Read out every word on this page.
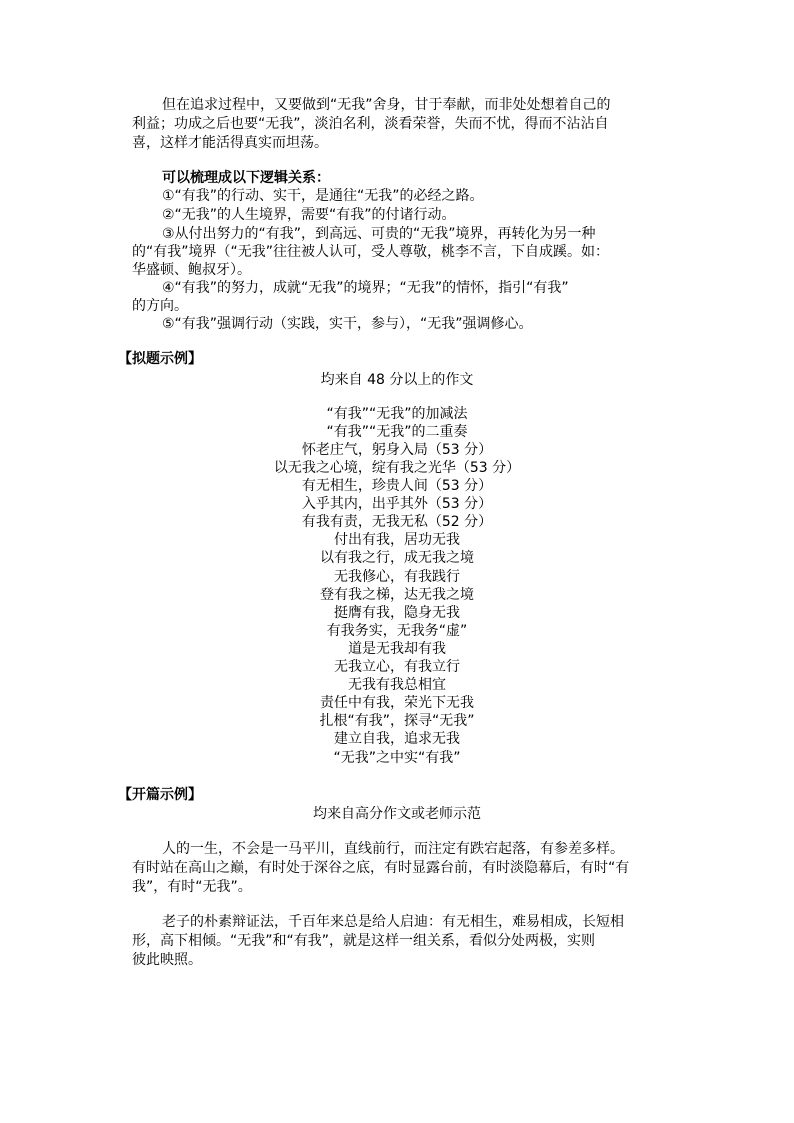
但在追求过程中，又要做到“无我”舍身，甘于奉献，而非处处想着自己的
利益；功成之后也要“无我”，淡泊名利，淡看荣誉，失而不忧，得而不沾沾自
喜，这样才能活得真实而坦荡。
可以梳理成以下逻辑关系：
①“有我”的行动、实干，是通往“无我”的必经之路。
②“无我”的人生境界，需要“有我”的付诸行动。
③从付出努力的“有我”，到高远、可贵的“无我”境界，再转化为另一种
的“有我”境界（“无我”往往被人认可，受人尊敬，桃李不言，下自成蹊。如：
华盛顿、鲍叔牙）。
④“有我”的努力，成就“无我”的境界；“无我”的情怀，指引“有我”
的方向。
⑤“有我”强调行动（实践，实干，参与），“无我”强调修心。
【拟题示例】
均来自 48 分以上的作文
“有我”“无我”的加减法
“有我”“无我”的二重奏
怀老庄气，躬身入局（53 分）
以无我之心境，绽有我之光华（53 分）
有无相生，珍贵人间（53 分）
入乎其内，出乎其外（53 分）
有我有责，无我无私（52 分）
付出有我，居功无我
以有我之行，成无我之境
无我修心，有我践行
登有我之梯，达无我之境
挺膺有我，隐身无我
有我务实，无我务“虚”
道是无我却有我
无我立心，有我立行
无我有我总相宜
责任中有我，荣光下无我
扎根“有我”，探寻“无我”
建立自我，追求无我
“无我”之中实“有我”
【开篇示例】
均来自高分作文或老师示范
人的一生，不会是一马平川，直线前行，而注定有跌宕起落，有参差多样。
有时站在高山之巅，有时处于深谷之底，有时显露台前，有时淡隐幕后，有时“有
我”，有时“无我”。
老子的朴素辩证法，千百年来总是给人启迪：有无相生，难易相成，长短相
形，高下相倾。“无我”和“有我”，就是这样一组关系，看似分处两极，实则
彼此映照。
